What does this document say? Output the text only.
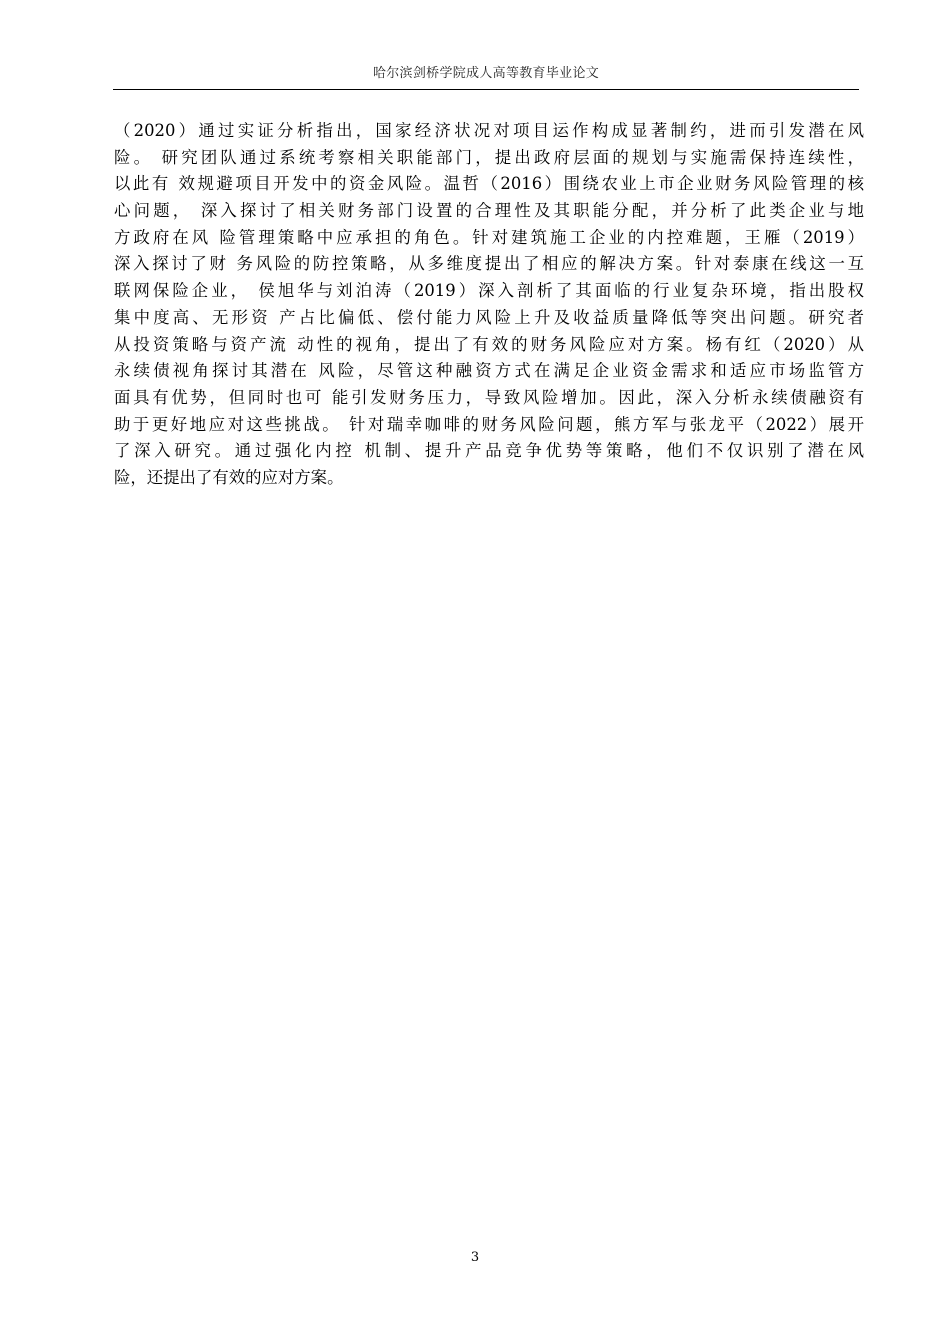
哈尔滨剑桥学院成人高等教育毕业论文
（2020）通过实证分析指出，国家经济状况对项目运作构成显著制约，进而引发潜在风
险。 研究团队通过系统考察相关职能部门，提出政府层面的规划与实施需保持连续性，
以此有 效规避项目开发中的资金风险。温哲（2016）围绕农业上市企业财务风险管理的核
心问题， 深入探讨了相关财务部门设置的合理性及其职能分配，并分析了此类企业与地
方政府在风 险管理策略中应承担的角色。针对建筑施工企业的内控难题，王雁（2019）
深入探讨了财 务风险的防控策略，从多维度提出了相应的解决方案。针对泰康在线这一互
联网保险企业， 侯旭华与刘泊涛（2019）深入剖析了其面临的行业复杂环境，指出股权
集中度高、无形资 产占比偏低、偿付能力风险上升及收益质量降低等突出问题。研究者
从投资策略与资产流 动性的视角，提出了有效的财务风险应对方案。杨有红（2020）从
永续债视角探讨其潜在 风险，尽管这种融资方式在满足企业资金需求和适应市场监管方
面具有优势，但同时也可 能引发财务压力，导致风险增加。因此，深入分析永续债融资有
助于更好地应对这些挑战。 针对瑞幸咖啡的财务风险问题，熊方军与张龙平（2022）展开
了深入研究。通过强化内控 机制、提升产品竞争优势等策略，他们不仅识别了潜在风
险，还提出了有效的应对方案。
3
